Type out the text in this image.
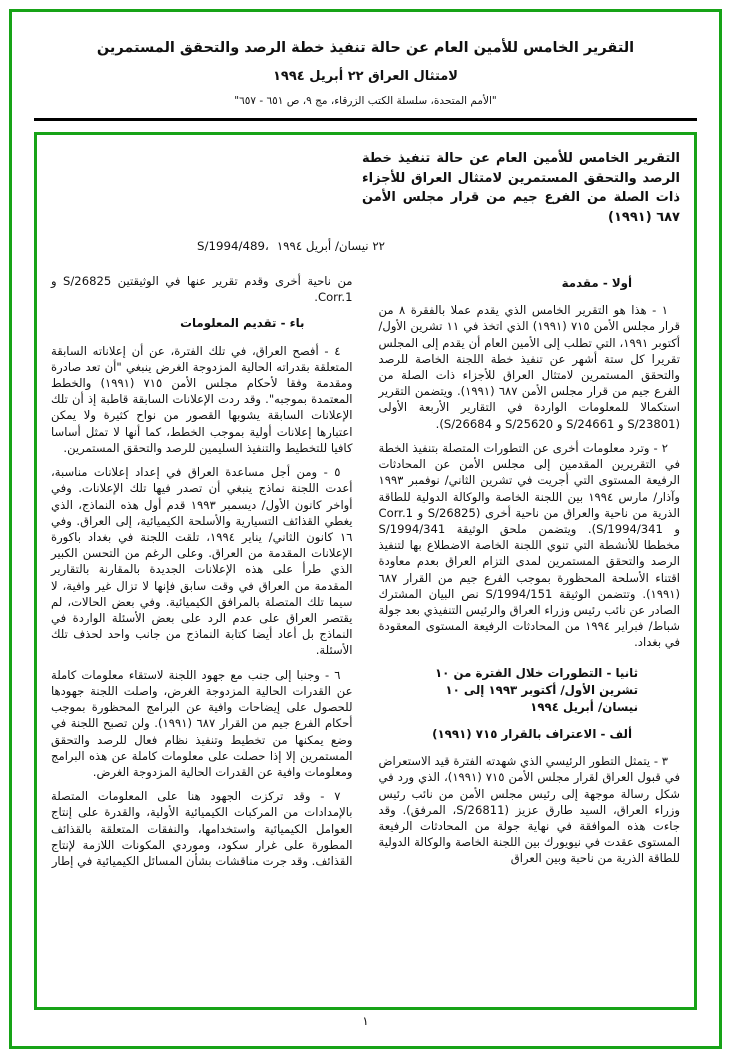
التقرير الخامس للأمين العام عن حالة تنفيذ خطة الرصد والتحقق المستمرين
لامتثال العراق ٢٢ أبريل ١٩٩٤
"الأمم المتحدة، سلسلة الكتب الزرقاء، مج ٩، ص ٦٥١ - ٦٥٧"

التقرير الخامس للأمين العام عن حالة تنفيذ خطة الرصد والتحقق المستمرين لامتثال العراق للأجزاء ذات الصلة من الفرع جيم من قرار مجلس الأمن ٦٨٧ (١٩٩١)

S/1994/489، ٢٢ نيسان/ أبريل ١٩٩٤
أولا - مقدمة

١ - هذا هو التقرير الخامس الذي يقدم عملا بالفقرة ٨ من قرار مجلس الأمن ٧١٥ (١٩٩١) الذي اتخذ في ١١ تشرين الأول/ أكتوبر ١٩٩١، التي تطلب إلى الأمين العام أن يقدم إلى المجلس تقريرا كل ستة أشهر عن تنفيذ خطة اللجنة الخاصة للرصد والتحقق المستمرين لامتثال العراق للأجزاء ذات الصلة من الفرع جيم من قرار مجلس الأمن ٦٨٧ (١٩٩١). ويتضمن التقرير استكمالا للمعلومات الواردة في التقارير الأربعة الأولى (S/23801 و S/24661 و S/25620 و S/26684).

٢ - وترد معلومات أخرى عن التطورات المتصلة بتنفيذ الخطة في التقريرين المقدمين إلى مجلس الأمن عن المحادثات الرفيعة المستوى التي أجريت في تشرين الثاني/ نوفمبر ١٩٩٣ وآذار/ مارس ١٩٩٤ بين اللجنة الخاصة والوكالة الدولية للطاقة الذرية من ناحية والعراق من ناحية أخرى (S/26825 و Corr.1 و S/1994/341). ويتضمن ملحق الوثيقة S/1994/341 مخططا للأنشطة التي تنوي اللجنة الخاصة الاضطلاع بها لتنفيذ الرصد والتحقق المستمرين لمدى التزام العراق بعدم معاودة اقتناء الأسلحة المحظورة بموجب الفرع جيم من القرار ٦٨٧ (١٩٩١). وتتضمن الوثيقة S/1994/151 نص البيان المشترك الصادر عن نائب رئيس وزراء العراق والرئيس التنفيذي بعد جولة شباط/ فبراير ١٩٩٤ من المحادثات الرفيعة المستوى المعقودة في بغداد.

ثانيا - التطورات خلال الفترة من ١٠ تشرين الأول/ أكتوبر ١٩٩٣ إلى ١٠ نيسان/ أبريل ١٩٩٤
ألف - الاعتراف بالقرار ٧١٥ (١٩٩١)

٣ - يتمثل التطور الرئيسي الذي شهدته الفترة قيد الاستعراض في قبول العراق لقرار مجلس الأمن ٧١٥ (١٩٩١)، الذي ورد في شكل رسالة موجهة إلى رئيس مجلس الأمن من نائب رئيس وزراء العراق، السيد طارق عزيز (S/26811، المرفق). وقد جاءت هذه الموافقة في نهاية جولة من المحادثات الرفيعة المستوى عقدت في نيويورك بين اللجنة الخاصة والوكالة الدولية للطاقة الذرية من ناحية وبين العراق

من ناحية أخرى وقدم تقرير عنها في الوثيقتين S/26825 و Corr.1.

باء - تقديم المعلومات

٤ - أفصح العراق، في تلك الفترة، عن أن إعلاناته السابقة المتعلقة بقدراته الحالية المزدوجة الغرض ينبغي "أن تعد صادرة ومقدمة وفقا لأحكام مجلس الأمن ٧١٥ (١٩٩١) والخطط المعتمدة بموجبه". وقد ردت الإعلانات السابقة قاطبة إذ أن تلك الإعلانات السابقة يشوبها القصور من نواح كثيرة ولا يمكن اعتبارها إعلانات أولية بموجب الخطط، كما أنها لا تمثل أساسا كافيا للتخطيط والتنفيذ السليمين للرصد والتحقق المستمرين.

٥ - ومن أجل مساعدة العراق في إعداد إعلانات مناسبة، أعدت اللجنة نماذج ينبغي أن تصدر فيها تلك الإعلانات. وفي أواخر كانون الأول/ ديسمبر ١٩٩٣ قدم أول هذه النماذج، الذي يغطي القذائف التسيارية والأسلحة الكيميائية، إلى العراق. وفي ١٦ كانون الثاني/ يناير ١٩٩٤، تلقت اللجنة في بغداد باكورة الإعلانات المقدمة من العراق. وعلى الرغم من التحسن الكبير الذي طرأ على هذه الإعلانات الجديدة بالمقارنة بالتقارير المقدمة من العراق في وقت سابق فإنها لا تزال غير وافية، لا سيما تلك المتصلة بالمرافق الكيميائية. وفي بعض الحالات، لم يقتصر العراق على عدم الرد على بعض الأسئلة الواردة في النماذج بل أعاد أيضا كتابة النماذج من جانب واحد لحذف تلك الأسئلة.

٦ - وجنبا إلى جنب مع جهود اللجنة لاستقاء معلومات كاملة عن القدرات الحالية المزدوجة الغرض، واصلت اللجنة جهودها للحصول على إيضاحات وافية عن البرامج المحظورة بموجب أحكام الفرع جيم من القرار ٦٨٧ (١٩٩١). ولن تصبح اللجنة في وضع يمكنها من تخطيط وتنفيذ نظام فعال للرصد والتحقق المستمرين إلا إذا حصلت على معلومات كاملة عن هذه البرامج ومعلومات وافية عن القدرات الحالية المزدوجة الغرض.

٧ - وقد تركزت الجهود هنا على المعلومات المتصلة بالإمدادات من المركبات الكيميائية الأولية، والقدرة على إنتاج العوامل الكيميائية واستخدامها، والنفقات المتعلقة بالقذائف المطورة على غرار سكود، وموردي المكونات اللازمة لإنتاج القذائف. وقد جرت مناقشات بشأن المسائل الكيميائية في إطار

١
